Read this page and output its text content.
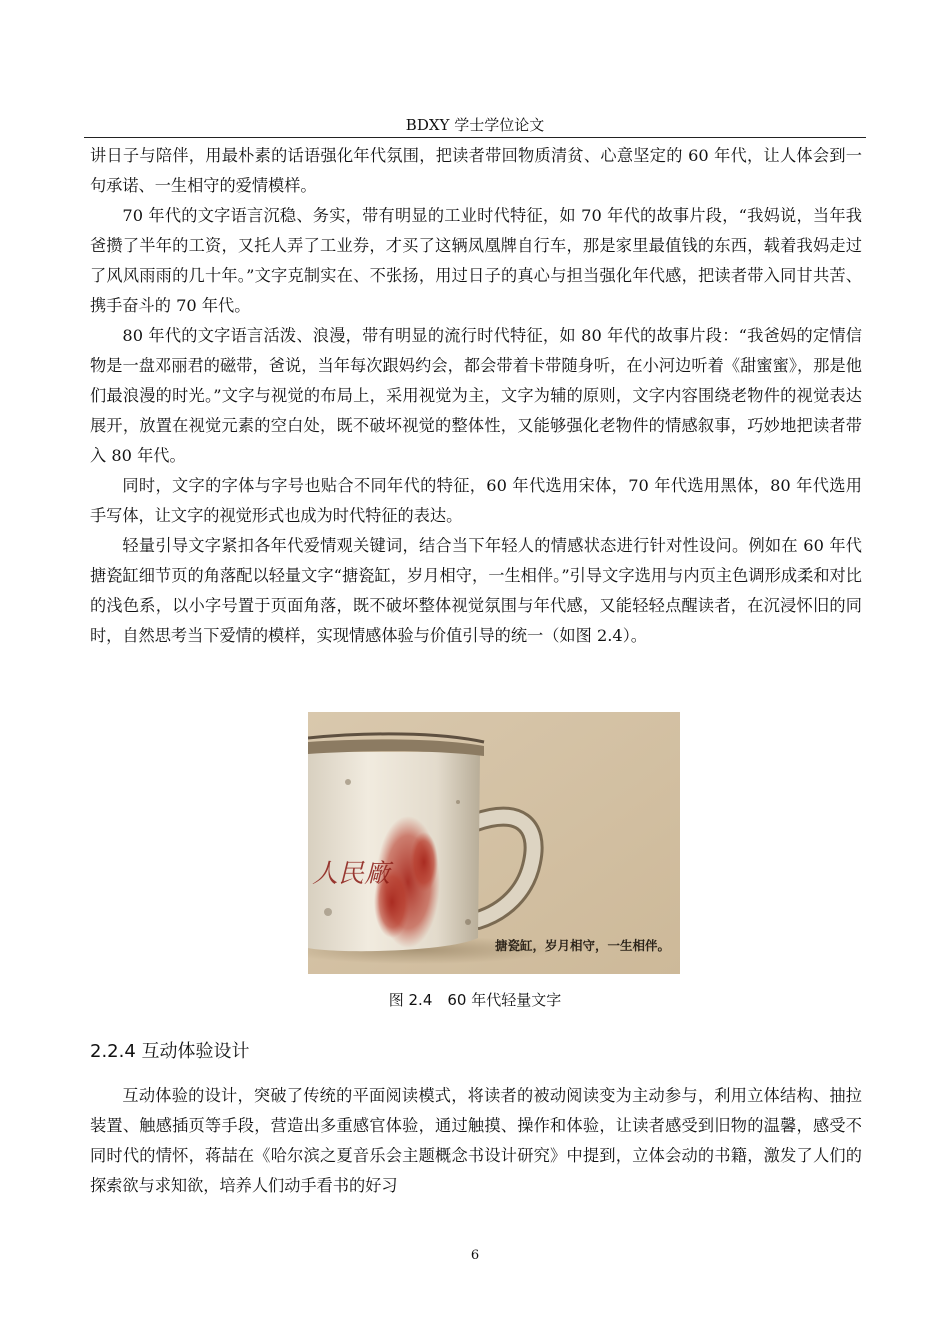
BDXY 学士学位论文

讲日子与陪伴，用最朴素的话语强化年代氛围，把读者带回物质清贫、心意坚定的 60 年代，让人体会到一句承诺、一生相守的爱情模样。

70 年代的文字语言沉稳、务实，带有明显的工业时代特征，如 70 年代的故事片段，“我妈说，当年我爸攒了半年的工资，又托人弄了工业券，才买了这辆凤凰牌自行车，那是家里最值钱的东西，载着我妈走过了风风雨雨的几十年。”文字克制实在、不张扬，用过日子的真心与担当强化年代感，把读者带入同甘共苦、携手奋斗的 70 年代。

80 年代的文字语言活泼、浪漫，带有明显的流行时代特征，如 80 年代的故事片段：“我爸妈的定情信物是一盘邓丽君的磁带，爸说，当年每次跟妈约会，都会带着卡带随身听，在小河边听着《甜蜜蜜》，那是他们最浪漫的时光。”文字与视觉的布局上，采用视觉为主，文字为辅的原则，文字内容围绕老物件的视觉表达展开，放置在视觉元素的空白处，既不破坏视觉的整体性，又能够强化老物件的情感叙事，巧妙地把读者带入 80 年代。

同时，文字的字体与字号也贴合不同年代的特征，60 年代选用宋体，70 年代选用黑体，80 年代选用手写体，让文字的视觉形式也成为时代特征的表达。

轻量引导文字紧扣各年代爱情观关键词，结合当下年轻人的情感状态进行针对性设问。例如在 60 年代搪瓷缸细节页的角落配以轻量文字“搪瓷缸，岁月相守，一生相伴。”引导文字选用与内页主色调形成柔和对比的浅色系，以小字号置于页面角落，既不破坏整体视觉氛围与年代感，又能轻轻点醒读者，在沉浸怀旧的同时，自然思考当下爱情的模样，实现情感体验与价值引导的统一（如图 2.4）。

人民廠
搪瓷缸，岁月相守，一生相伴。
图 2.4　60 年代轻量文字
2.2.4 互动体验设计

互动体验的设计，突破了传统的平面阅读模式，将读者的被动阅读变为主动参与，利用立体结构、抽拉装置、触感插页等手段，营造出多重感官体验，通过触摸、操作和体验，让读者感受到旧物的温馨，感受不同时代的情怀，蒋喆在《哈尔滨之夏音乐会主题概念书设计研究》中提到，立体会动的书籍，激发了人们的探索欲与求知欲，培养人们动手看书的好习

6
